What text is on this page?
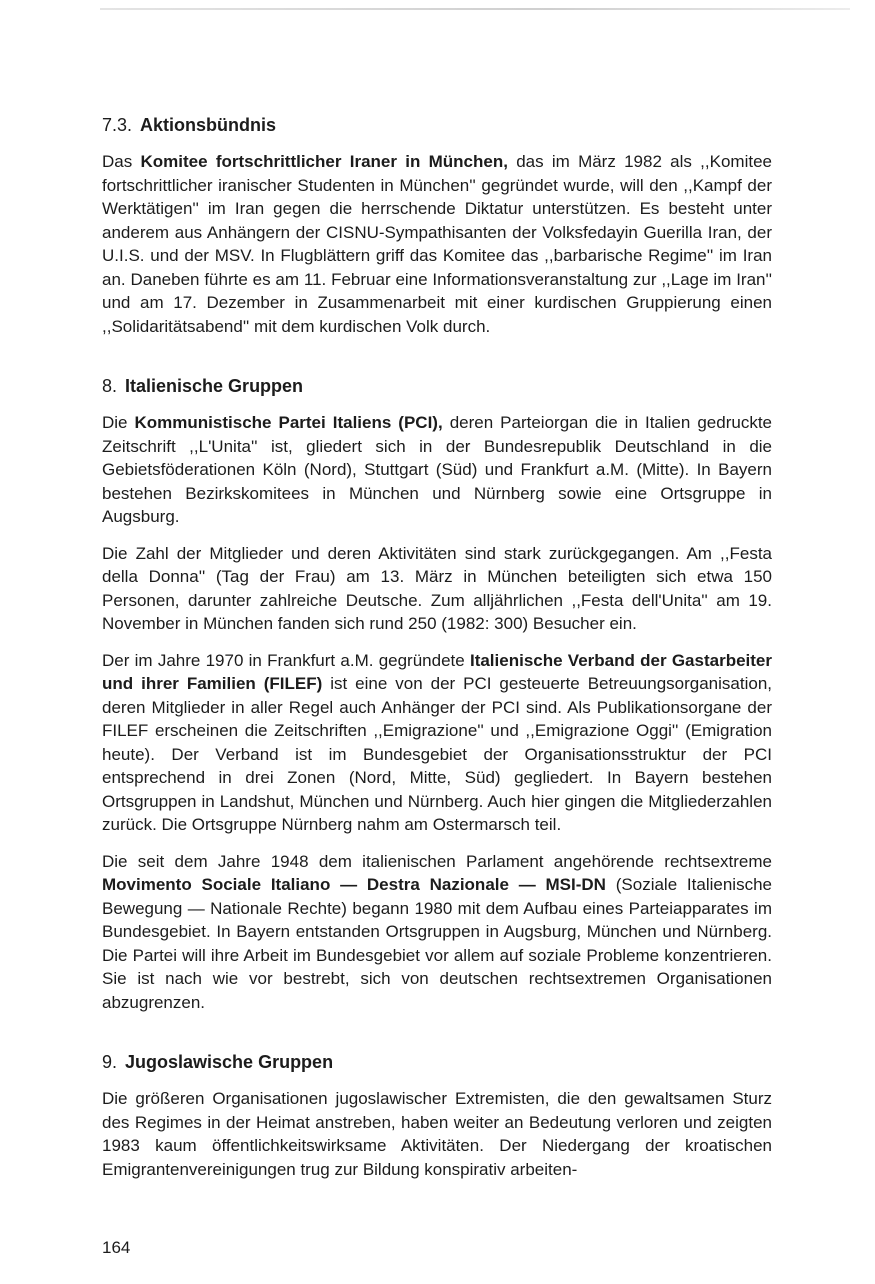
7.3. Aktionsbündnis

Das Komitee fortschrittlicher Iraner in München, das im März 1982 als ,,Komitee fortschrittlicher iranischer Studenten in München'' gegründet wurde, will den ,,Kampf der Werktätigen'' im Iran gegen die herrschende Diktatur unterstützen. Es besteht unter anderem aus Anhängern der CISNU-Sympathisanten der Volksfedayin Guerilla Iran, der U.I.S. und der MSV. In Flugblättern griff das Komitee das ,,barbarische Regime'' im Iran an. Daneben führte es am 11. Februar eine Informationsveranstaltung zur ,,Lage im Iran'' und am 17. Dezember in Zusammenarbeit mit einer kurdischen Gruppierung einen ,,Solidaritätsabend'' mit dem kurdischen Volk durch.

8. Italienische Gruppen

Die Kommunistische Partei Italiens (PCI), deren Parteiorgan die in Italien gedruckte Zeitschrift ,,L'Unita'' ist, gliedert sich in der Bundesrepublik Deutschland in die Gebietsföderationen Köln (Nord), Stuttgart (Süd) und Frankfurt a.M. (Mitte). In Bayern bestehen Bezirkskomitees in München und Nürnberg sowie eine Ortsgruppe in Augsburg.

Die Zahl der Mitglieder und deren Aktivitäten sind stark zurückgegangen. Am ,,Festa della Donna'' (Tag der Frau) am 13. März in München beteiligten sich etwa 150 Personen, darunter zahlreiche Deutsche. Zum alljährlichen ,,Festa dell'Unita'' am 19. November in München fanden sich rund 250 (1982: 300) Besucher ein.

Der im Jahre 1970 in Frankfurt a.M. gegründete Italienische Verband der Gastarbeiter und ihrer Familien (FILEF) ist eine von der PCI gesteuerte Betreuungsorganisation, deren Mitglieder in aller Regel auch Anhänger der PCI sind. Als Publikationsorgane der FILEF erscheinen die Zeitschriften ,,Emigrazione'' und ,,Emigrazione Oggi'' (Emigration heute). Der Verband ist im Bundesgebiet der Organisationsstruktur der PCI entsprechend in drei Zonen (Nord, Mitte, Süd) gegliedert. In Bayern bestehen Ortsgruppen in Landshut, München und Nürnberg. Auch hier gingen die Mitgliederzahlen zurück. Die Ortsgruppe Nürnberg nahm am Ostermarsch teil.

Die seit dem Jahre 1948 dem italienischen Parlament angehörende rechtsextreme Movimento Sociale Italiano — Destra Nazionale — MSI-DN (Soziale Italienische Bewegung — Nationale Rechte) begann 1980 mit dem Aufbau eines Parteiapparates im Bundesgebiet. In Bayern entstanden Ortsgruppen in Augsburg, München und Nürnberg. Die Partei will ihre Arbeit im Bundesgebiet vor allem auf soziale Probleme konzentrieren. Sie ist nach wie vor bestrebt, sich von deutschen rechtsextremen Organisationen abzugrenzen.

9. Jugoslawische Gruppen

Die größeren Organisationen jugoslawischer Extremisten, die den gewaltsamen Sturz des Regimes in der Heimat anstreben, haben weiter an Bedeutung verloren und zeigten 1983 kaum öffentlichkeitswirksame Aktivitäten. Der Niedergang der kroatischen Emigrantenvereinigungen trug zur Bildung konspirativ arbeiten-

164
